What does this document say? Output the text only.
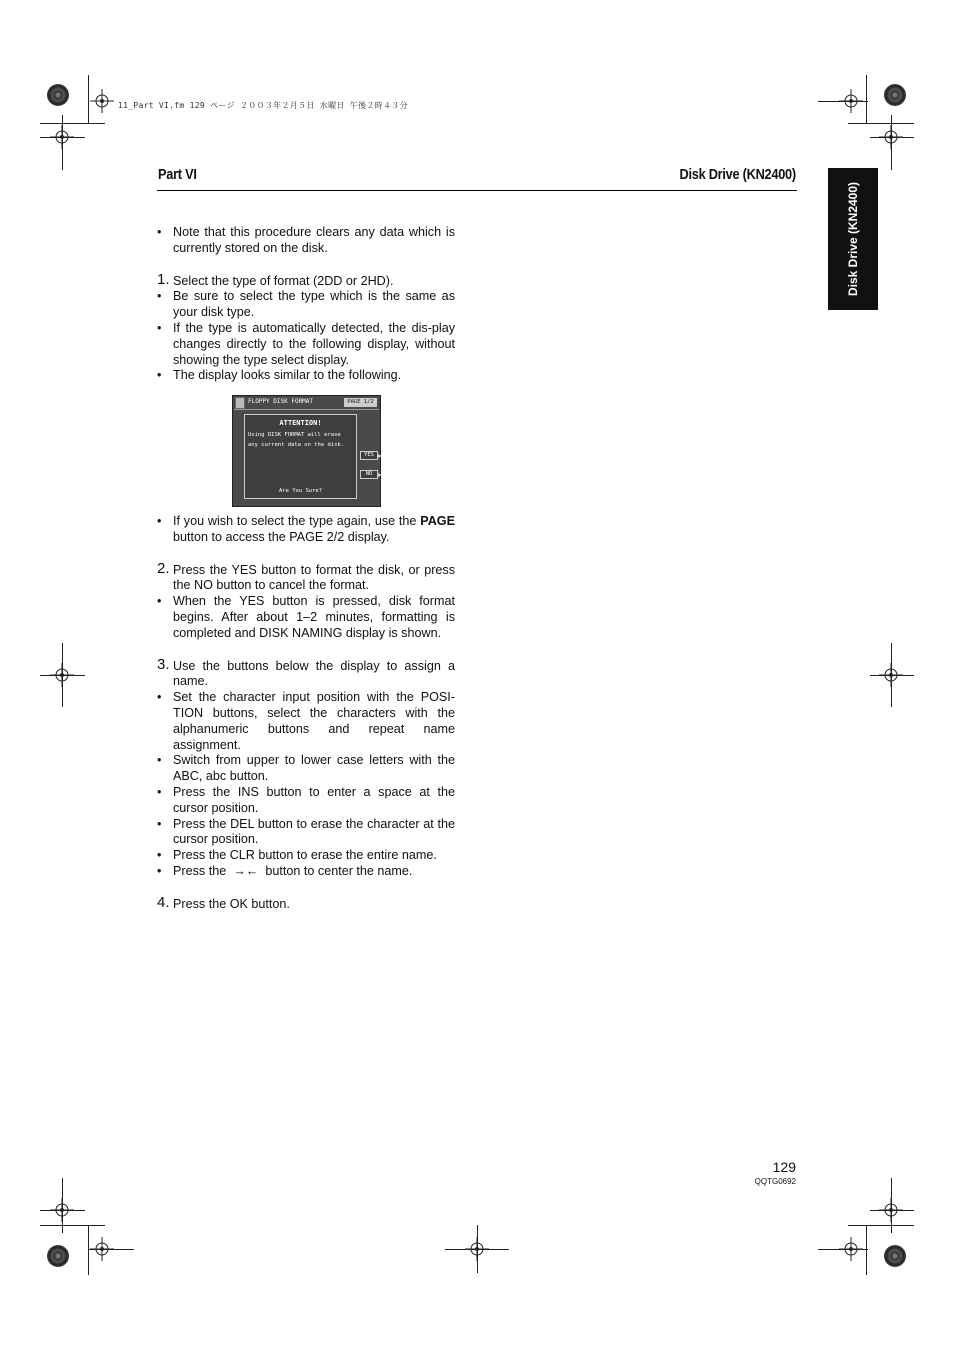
11_Part VI.fm 129 ページ ２００３年２月５日 水曜日 午後２時４３分
Part VI	Disk Drive (KN2400)
Disk Drive (KN2400)
• Note that this procedure clears any data which is currently stored on the disk.
1. Select the type of format (2DD or 2HD).
• Be sure to select the type which is the same as your disk type.
• If the type is automatically detected, the dis-play changes directly to the following display, without showing the type select display.
• The display looks similar to the following.
FLOPPY DISK FORMAT	PAGE 1/2
ATTENTION!
Using DISK FORMAT will erase
any current data on the disk.
Are You Sure?
YES
NO
• If you wish to select the type again, use the PAGE button to access the PAGE 2/2 display.
2. Press the YES button to format the disk, or press the NO button to cancel the format.
• When the YES button is pressed, disk format begins. After about 1–2 minutes, formatting is completed and DISK NAMING display is shown.
3. Use the buttons below the display to assign a name.
• Set the character input position with the POSI-TION buttons, select the characters with the alphanumeric buttons and repeat name assignment.
• Switch from upper to lower case letters with the ABC, abc button.
• Press the INS button to enter a space at the cursor position.
• Press the DEL button to erase the character at the cursor position.
• Press the CLR button to erase the entire name.
• Press the  →←  button to center the name.
4. Press the OK button.
129
QQTG0692
